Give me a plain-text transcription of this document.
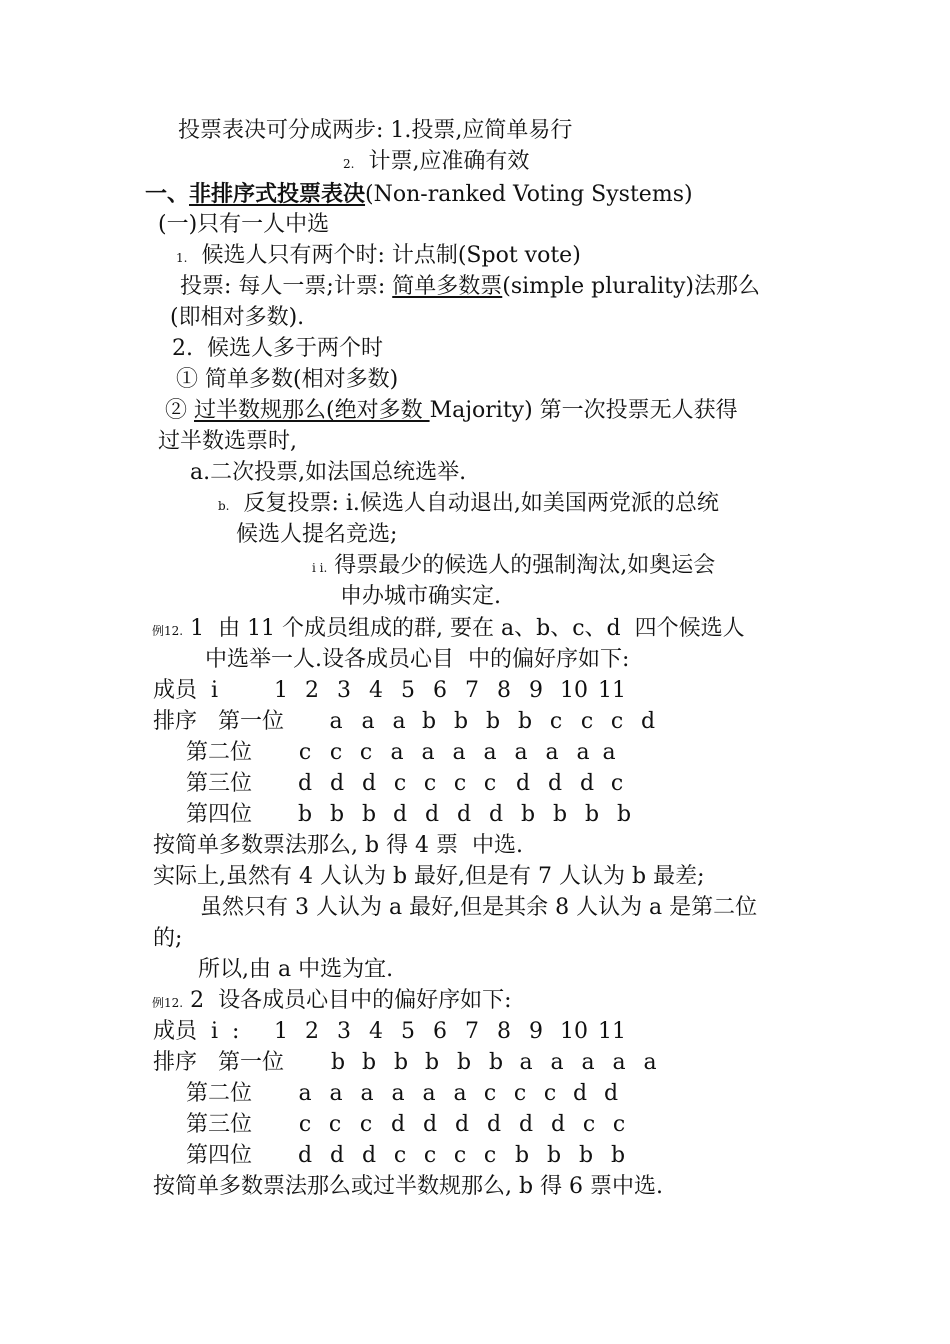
投票表决可分成两步: 1.投票,应简单易行
2.  计票,应准确有效
一、非排序式投票表决(Non-ranked Voting Systems)
(一)只有一人中选
1.  候选人只有两个时: 计点制(Spot vote)
投票: 每人一票;计票: 简单多数票(simple plurality)法那么
(即相对多数).
2.  候选人多于两个时
① 简单多数(相对多数)
② 过半数规那么(绝对多数 Majority) 第一次投票无人获得
过半数选票时,
a.二次投票,如法国总统选举.
b.  反复投票: i.候选人自动退出,如美国两党派的总统
候选人提名竞选;
i i. 得票最少的候选人的强制淘汰,如奥运会
申办城市确实定.
例12. 1  由 11 个成员组成的群, 要在 a、b、c、d  四个候选人
中选举一人.设各成员心目  中的偏好序如下:
成员  i	1 2 3 4 5 6 7 8 9 10 11
排序 第一位 a a a b b b b c c c d
第二位 c c c a a a a a a a a
第三位 d d d c c c c d d d c
第四位 b b b d d d d b b b b
按简单多数票法那么, b 得 4 票  中选.
实际上,虽然有 4 人认为 b 最好,但是有 7 人认为 b 最差;
虽然只有 3 人认为 a 最好,但是其余 8 人认为 a 是第二位
的;
所以,由 a 中选为宜.
例12. 2  设各成员心目中的偏好序如下:
成员  i  : 1 2 3 4 5 6 7 8 9 10 11
排序 第一位 b b b b b b a a a a a
第二位 a a a a a a c c c d d
第三位 c c c d d d d d d c c
第四位 d d d c c c c b b b b
按简单多数票法那么或过半数规那么, b 得 6 票中选.
